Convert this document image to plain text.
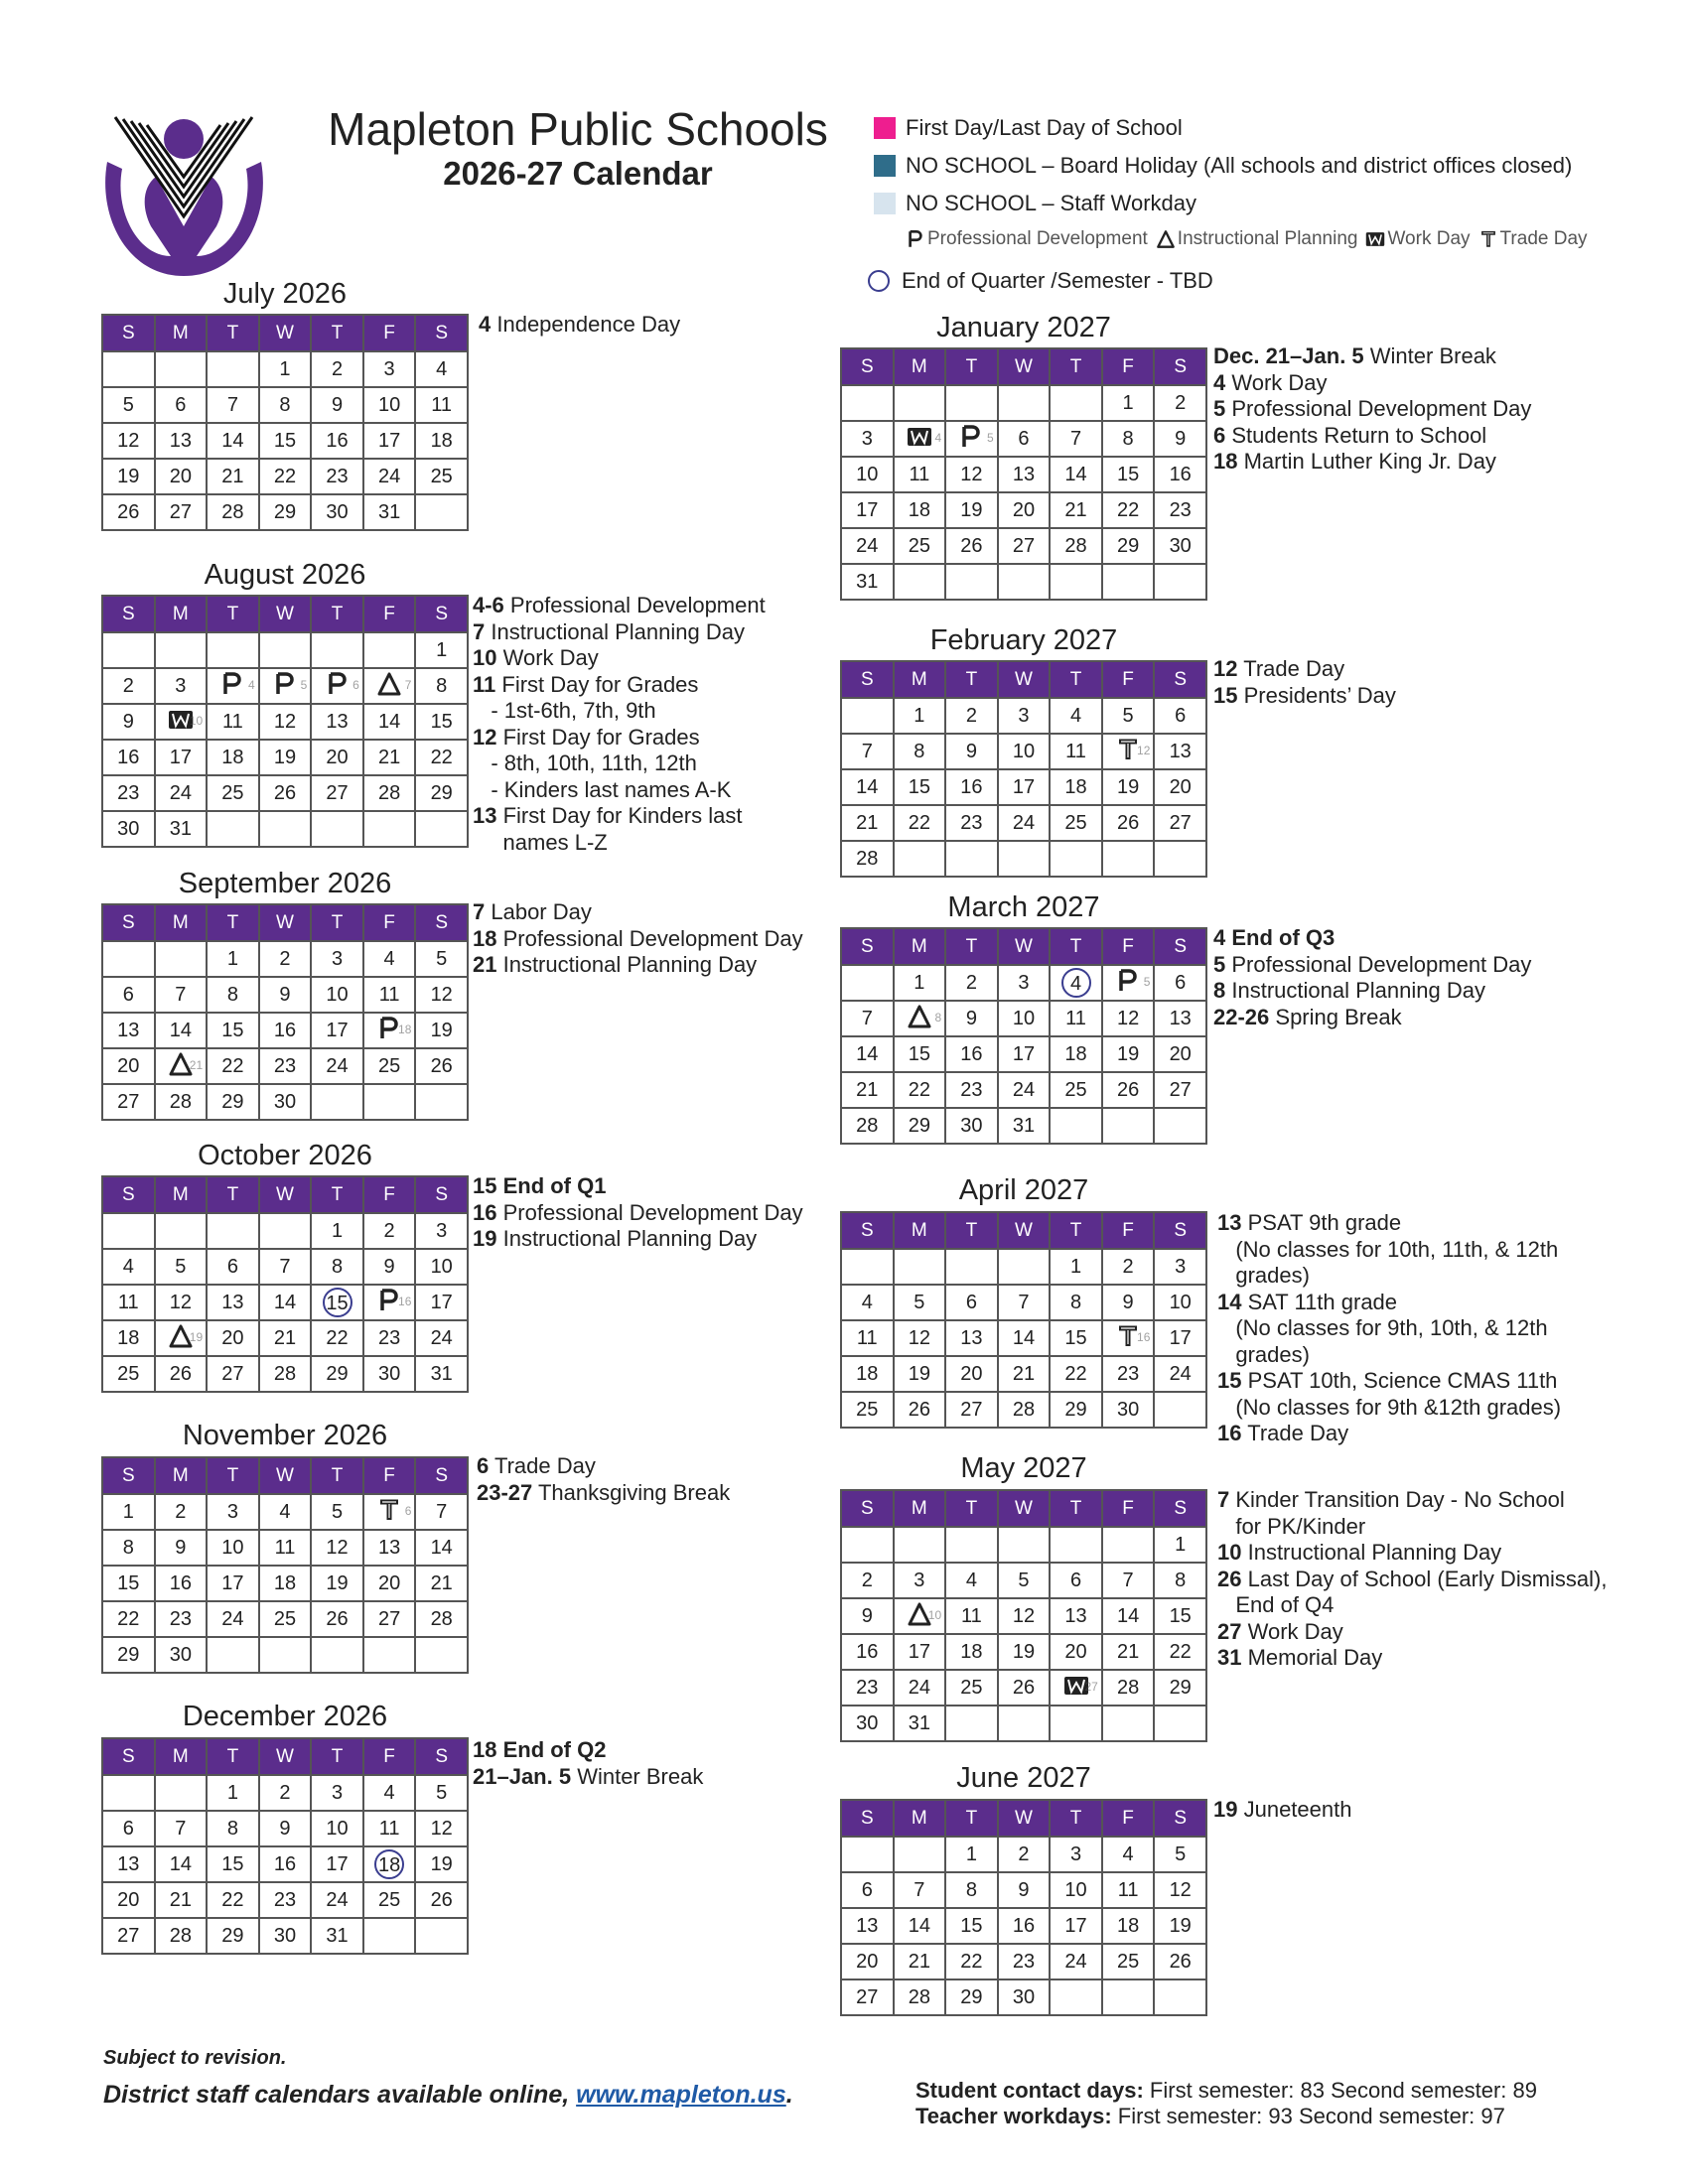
Mapleton Public Schools
2026-27 Calendar
First Day/Last Day of School
NO SCHOOL – Board Holiday (All schools and district offices closed)
NO SCHOOL – Staff Workday
Professional Development Instructional Planning Work Day Trade Day
End of Quarter /Semester - TBD
July 2026
S	M	T	W	T	F	S
			1	2	3	4
5	6	7	8	9	10	11
12	13	14	15	16	17	18
19	20	21	22	23	24	25
26	27	28	29	30	31	
4 Independence Day
August 2026
S	M	T	W	T	F	S
						1
2	3	4	5	6	7	8
9	10	11	12	13	14	15
16	17	18	19	20	21	22
23	24	25	26	27	28	29
30	31					
4-6 Professional Development
7 Instructional Planning Day
10 Work Day
11 First Day for Grades
- 1st-6th, 7th, 9th
12 First Day for Grades
- 8th, 10th, 11th, 12th
- Kinders last names A-K
13 First Day for Kinders last
names L-Z
September 2026
S	M	T	W	T	F	S
		1	2	3	4	5
6	7	8	9	10	11	12
13	14	15	16	17	18	19
20	21	22	23	24	25	26
27	28	29	30			
7 Labor Day
18 Professional Development Day
21 Instructional Planning Day
October 2026
S	M	T	W	T	F	S
				1	2	3
4	5	6	7	8	9	10
11	12	13	14	15	16	17
18	19	20	21	22	23	24
25	26	27	28	29	30	31
15 End of Q1
16 Professional Development Day
19 Instructional Planning Day
November 2026
S	M	T	W	T	F	S
1	2	3	4	5	6	7
8	9	10	11	12	13	14
15	16	17	18	19	20	21
22	23	24	25	26	27	28
29	30					
6 Trade Day
23-27 Thanksgiving Break
December 2026
S	M	T	W	T	F	S
		1	2	3	4	5
6	7	8	9	10	11	12
13	14	15	16	17	18	19
20	21	22	23	24	25	26
27	28	29	30	31		
18 End of Q2
21–Jan. 5 Winter Break
January 2027
S	M	T	W	T	F	S
					1	2
3	4	5	6	7	8	9
10	11	12	13	14	15	16
17	18	19	20	21	22	23
24	25	26	27	28	29	30
31						
Dec. 21–Jan. 5 Winter Break
4 Work Day
5 Professional Development Day
6 Students Return to School
18 Martin Luther King Jr. Day
February 2027
S	M	T	W	T	F	S
	1	2	3	4	5	6
7	8	9	10	11	12	13
14	15	16	17	18	19	20
21	22	23	24	25	26	27
28						
12 Trade Day
15 Presidents’ Day
March 2027
S	M	T	W	T	F	S
	1	2	3	4	5	6
7	8	9	10	11	12	13
14	15	16	17	18	19	20
21	22	23	24	25	26	27
28	29	30	31			
4 End of Q3
5 Professional Development Day
8 Instructional Planning Day
22-26 Spring Break
April 2027
S	M	T	W	T	F	S
				1	2	3
4	5	6	7	8	9	10
11	12	13	14	15	16	17
18	19	20	21	22	23	24
25	26	27	28	29	30	
13 PSAT 9th grade
(No classes for 10th, 11th, & 12th
grades)
14 SAT 11th grade
(No classes for 9th, 10th, & 12th
grades)
15 PSAT 10th, Science CMAS 11th
(No classes for 9th &12th grades)
16 Trade Day
May 2027
S	M	T	W	T	F	S
						1
2	3	4	5	6	7	8
9	10	11	12	13	14	15
16	17	18	19	20	21	22
23	24	25	26	27	28	29
30	31					
7 Kinder Transition Day - No School
for PK/Kinder
10 Instructional Planning Day
26 Last Day of School (Early Dismissal),
End of Q4
27 Work Day
31 Memorial Day
June 2027
S	M	T	W	T	F	S
		1	2	3	4	5
6	7	8	9	10	11	12
13	14	15	16	17	18	19
20	21	22	23	24	25	26
27	28	29	30			
19 Juneteenth
Subject to revision.
District staff calendars available online, www.mapleton.us.	Student contact days: First semester: 83 Second semester: 89
Teacher workdays: First semester: 93 Second semester: 97
